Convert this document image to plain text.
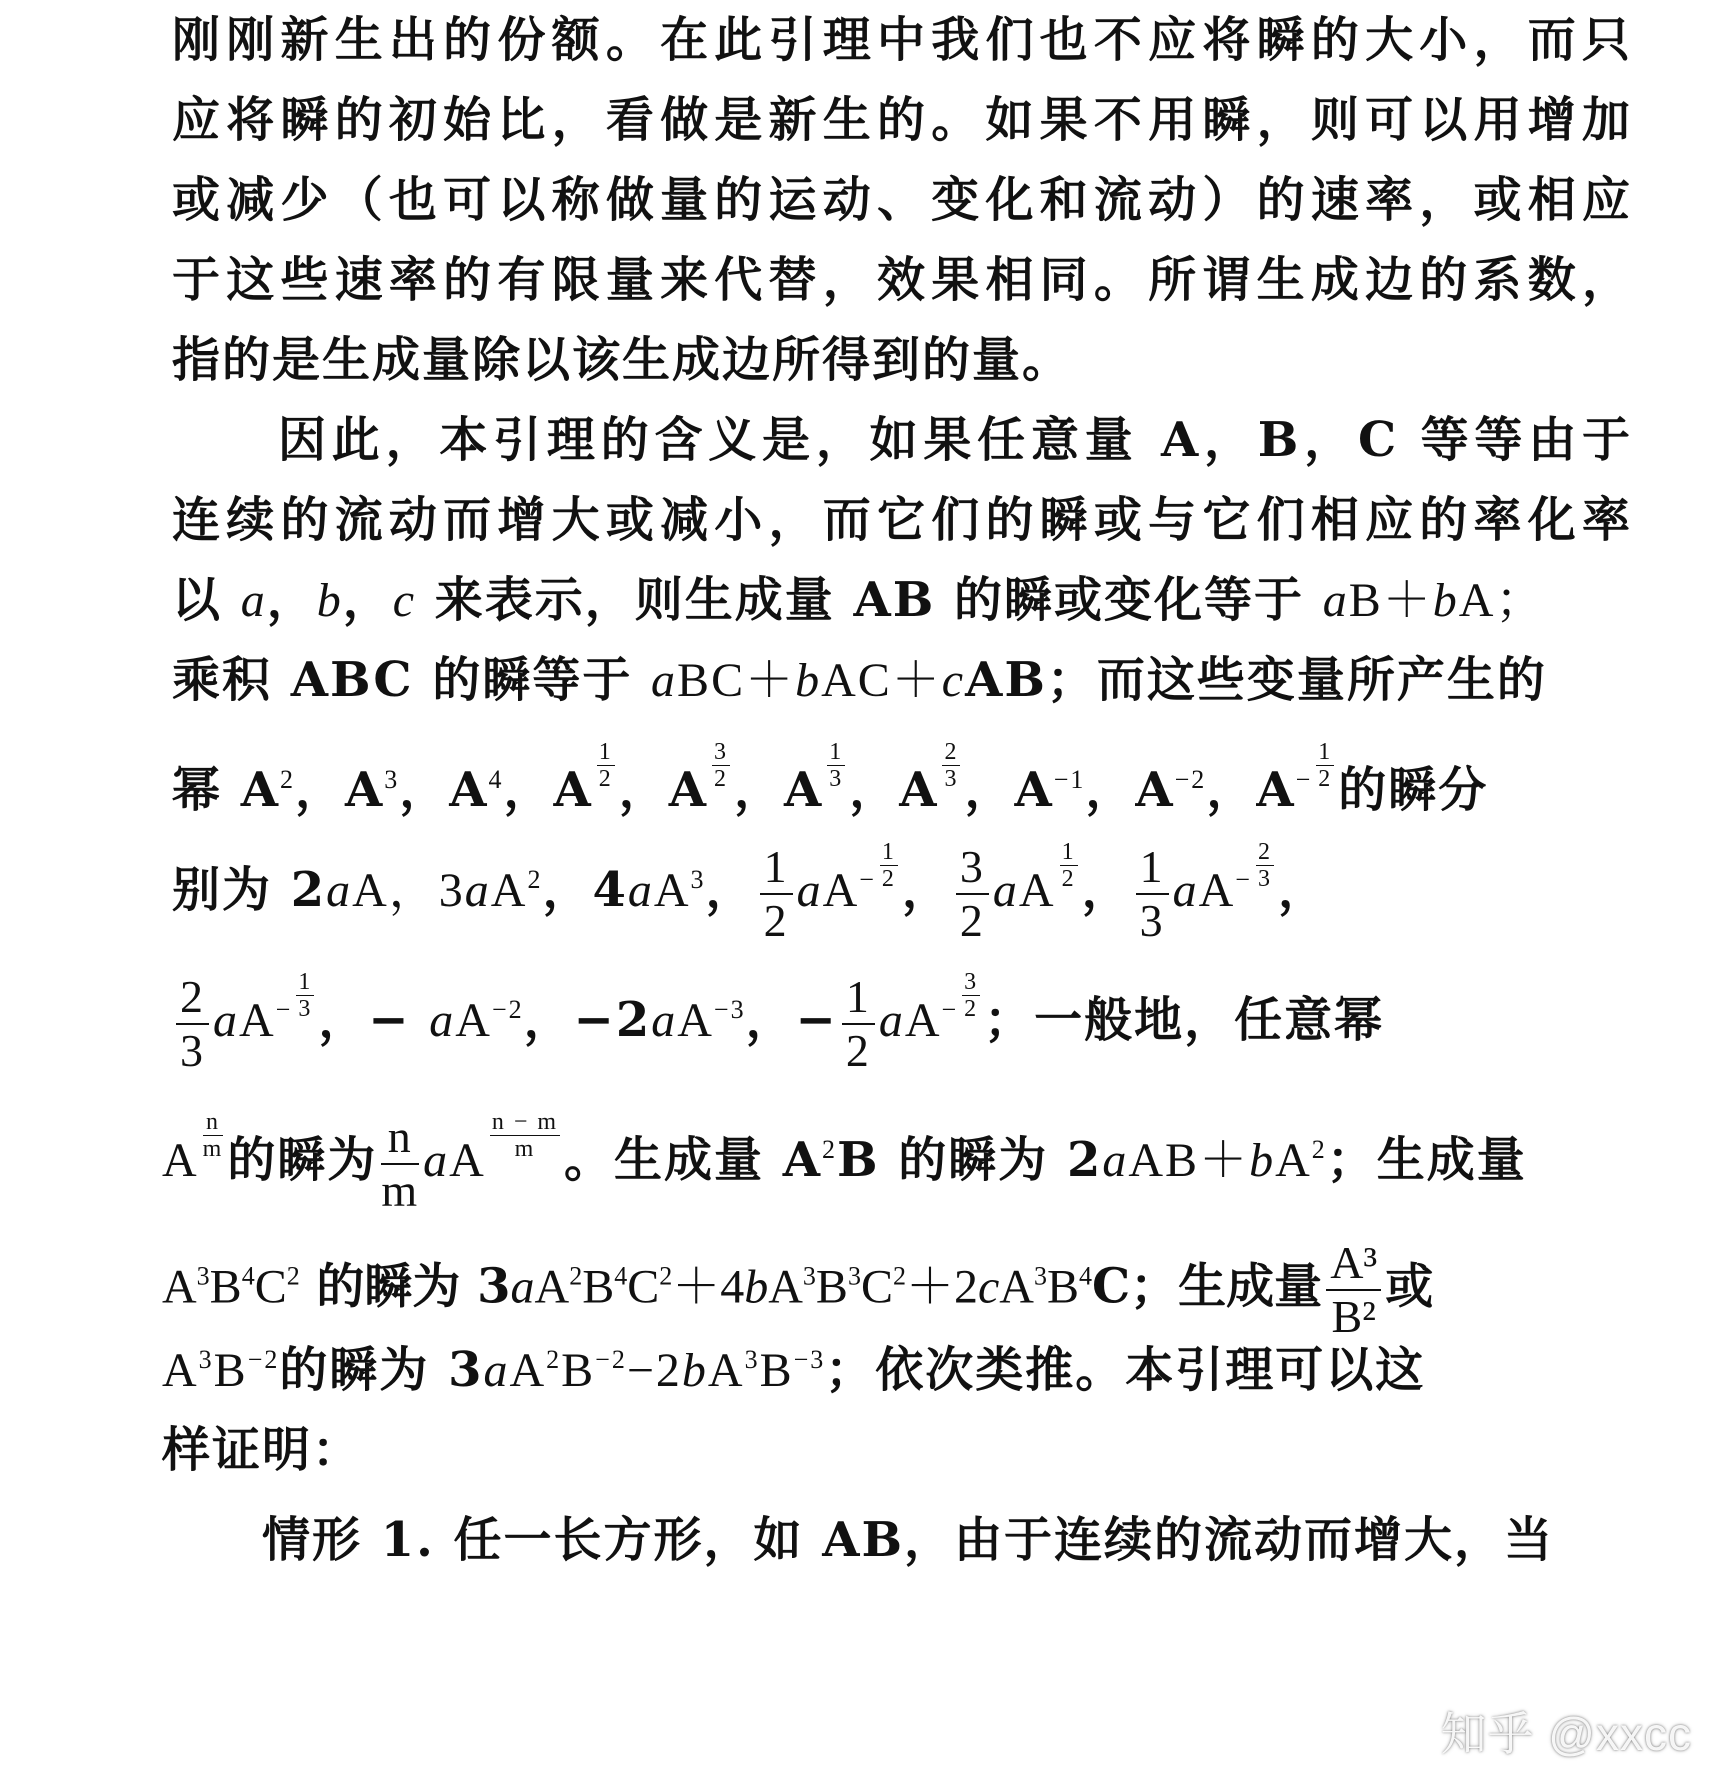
刚刚新生出的份额。在此引理中我们也不应将瞬的大小，而只
应将瞬的初始比，看做是新生的。如果不用瞬，则可以用增加
或减少（也可以称做量的运动、变化和流动）的速率，或相应
于这些速率的有限量来代替，效果相同。所谓生成边的系数，
指的是生成量除以该生成边所得到的量。
因此，本引理的含义是，如果任意量 A，B，C 等等由于
连续的流动而增大或减小，而它们的瞬或与它们相应的率化率
以 a，b，c 来表示，则生成量 AB 的瞬或变化等于 aB＋bA；
乘积 ABC 的瞬等于 aBC＋bAC＋cAB；而这些变量所产生的
幂 $A^2$，$A^3$，$A^4$，A $\frac{1}{2}$ ，A $\frac{3}{2}$ ，A $\frac{1}{3}$ ，A $\frac{2}{3}$ ，$A^{-1}$，$A^{-2}$，$A^- \frac{1}{2}$ 的瞬分
别为 2aA，$3aA^2$，$4aA^3$， $\frac{1}{2} aA^- \frac{1}{2}$ ， $\frac{3}{2}$ aA $\frac{1}{2}$ ， $\frac{1}{3} aA^- \frac{2}{3}$ ，
$\frac{2}{3} aA^- \frac{1}{3}$ ，− $aA^{-2}$，$-2aA^{-3}$，− $\frac{1}{2} aA^- \frac{3}{2}$ ；一般地，任意幂
A $\frac{n}{m}$ 的瞬为 $\frac{n}{m}$ aA $\frac{n - m}{m}$ 。生成量 $A^2B$ 的瞬为 $2aAB+bA^2$；生成量
$A^3B^4C^2$ 的瞬为 $3aA^2B^4C^2+4bA^3B^3C^2+2cA^3B^4C$；生成量 $\frac{\text{A³}}{\text{B²}}$ 或
$A^3B^{-2}$的瞬为 $3aA^2B^{-2}-2bA^3B^{-3}$；依次类推。本引理可以这
样证明：
情形 1. 任一长方形，如 AB，由于连续的流动而增大，当
知乎 @xxcc
